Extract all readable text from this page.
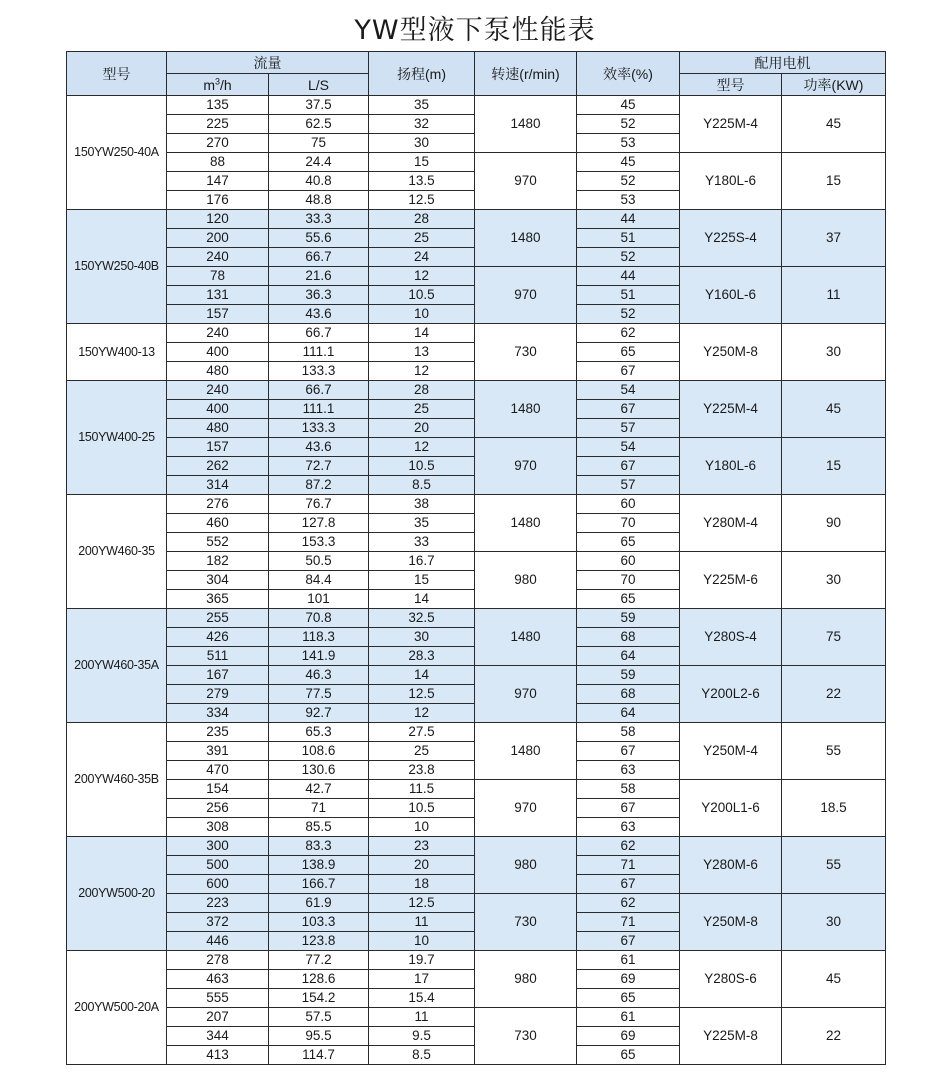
YW型液下泵性能表
型号	流量		扬程(m)	转速(r/min)	效率(%)	配用电机	
	$m^3/h$	L/S				型号	功率(KW)
150YW250-40A	135	37.5	35	1480	45	Y225M-4	45
	225	62.5	32		52		
	270	75	30		53		
	88	24.4	15	970	45	Y180L-6	15
	147	40.8	13.5		52		
	176	48.8	12.5		53		
150YW250-40B	120	33.3	28	1480	44	Y225S-4	37
	200	55.6	25		51		
	240	66.7	24		52		
	78	21.6	12	970	44	Y160L-6	11
	131	36.3	10.5		51		
	157	43.6	10		52		
150YW400-13	240	66.7	14	730	62	Y250M-8	30
	400	111.1	13		65		
	480	133.3	12		67		
150YW400-25	240	66.7	28	1480	54	Y225M-4	45
	400	111.1	25		67		
	480	133.3	20		57		
	157	43.6	12	970	54	Y180L-6	15
	262	72.7	10.5		67		
	314	87.2	8.5		57		
200YW460-35	276	76.7	38	1480	60	Y280M-4	90
	460	127.8	35		70		
	552	153.3	33		65		
	182	50.5	16.7	980	60	Y225M-6	30
	304	84.4	15		70		
	365	101	14		65		
200YW460-35A	255	70.8	32.5	1480	59	Y280S-4	75
	426	118.3	30		68		
	511	141.9	28.3		64		
	167	46.3	14	970	59	Y200L2-6	22
	279	77.5	12.5		68		
	334	92.7	12		64		
200YW460-35B	235	65.3	27.5	1480	58	Y250M-4	55
	391	108.6	25		67		
	470	130.6	23.8		63		
	154	42.7	11.5	970	58	Y200L1-6	18.5
	256	71	10.5		67		
	308	85.5	10		63		
200YW500-20	300	83.3	23	980	62	Y280M-6	55
	500	138.9	20		71		
	600	166.7	18		67		
	223	61.9	12.5	730	62	Y250M-8	30
	372	103.3	11		71		
	446	123.8	10		67		
200YW500-20A	278	77.2	19.7	980	61	Y280S-6	45
	463	128.6	17		69		
	555	154.2	15.4		65		
	207	57.5	11	730	61	Y225M-8	22
	344	95.5	9.5		69		
	413	114.7	8.5		65		
